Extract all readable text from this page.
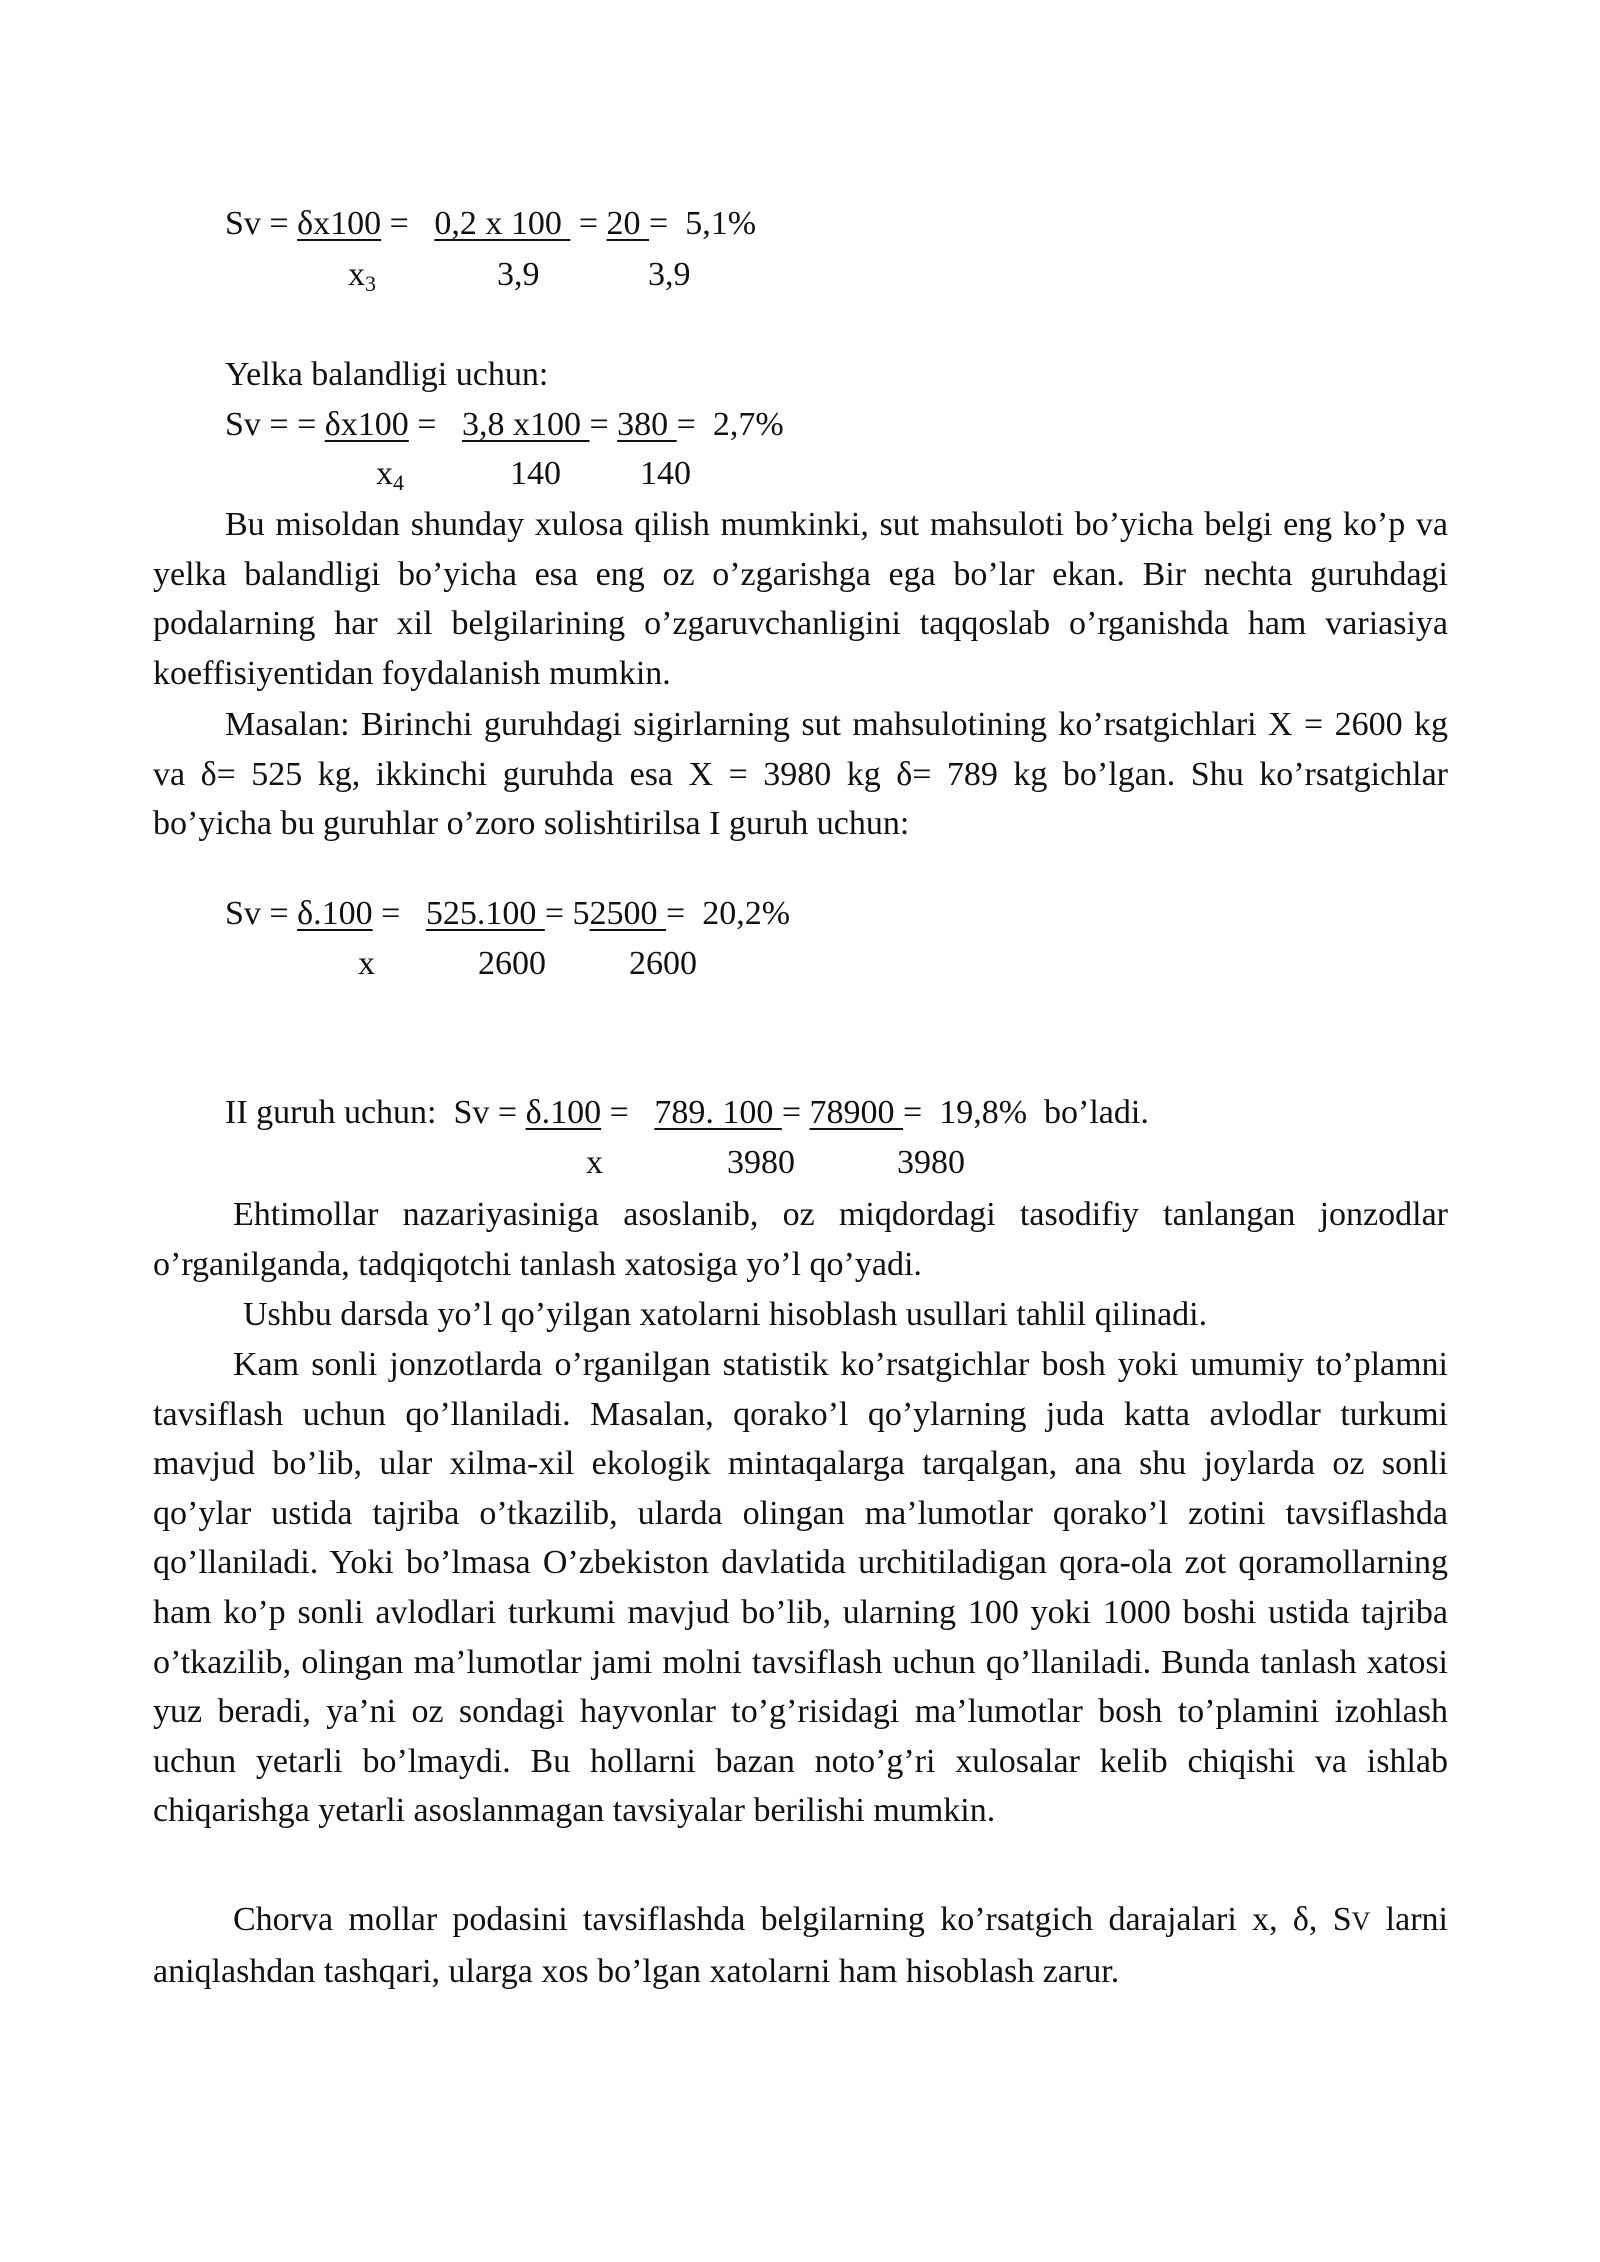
Sv = δx100 =   0,2 x 100  = 20 =  5,1%
$x_3$	3,9	3,9
Yelka balandligi uchun:
Sv = = δx100 =   3,8 x100 = 380 =  2,7%
$x_4$	140 140

Bu misoldan shunday xulosa qilish mumkinki, sut mahsuloti bo’yicha belgi eng ko’p va yelka balandligi bo’yicha esa eng oz o’zgarishga ega bo’lar ekan. Bir nechta guruhdagi podalarning har xil belgilarining o’zgaruvchanligini taqqoslab o’rganishda ham variasiya koeffisiyentidan foydalanish mumkin.

Masalan: Birinchi guruhdagi sigirlarning sut mahsulotining ko’rsatgichlari X = 2600 kg va δ= 525 kg, ikkinchi guruhda esa X = 3980 kg δ= 789 kg bo’lgan. Shu ko’rsatgichlar bo’yicha bu guruhlar o’zoro solishtirilsa I guruh uchun:

Sv = δ.100 =   525.100 = 52500 =  20,2%
x	2600 2600
II guruh uchun:  Sv = δ.100 =   789. 100 = 78900 =  19,8%  bo’ladi.
x	3980	3980

Ehtimollar nazariyasiniga asoslanib, oz miqdordagi tasodifiy tanlangan jonzodlar o’rganilganda, tadqiqotchi tanlash xatosiga yo’l qo’yadi.

Ushbu darsda yo’l qo’yilgan xatolarni hisoblash usullari tahlil qilinadi.

Kam sonli jonzotlarda o’rganilgan statistik ko’rsatgichlar bosh yoki umumiy to’plamni tavsiflash uchun qo’llaniladi. Masalan, qorako’l qo’ylarning juda katta avlodlar turkumi mavjud bo’lib, ular xilma-xil ekologik mintaqalarga tarqalgan, ana shu joylarda oz sonli qo’ylar ustida tajriba o’tkazilib, ularda olingan ma’lumotlar qorako’l zotini tavsiflashda qo’llaniladi. Yoki bo’lmasa O’zbekiston davlatida urchitiladigan qora-ola zot qoramollarning ham ko’p sonli avlodlari turkumi mavjud bo’lib, ularning 100 yoki 1000 boshi ustida tajriba o’tkazilib, olingan ma’lumotlar jami molni tavsiflash uchun qo’llaniladi. Bunda tanlash xatosi yuz beradi, ya’ni oz sondagi hayvonlar to’g’risidagi ma’lumotlar bosh to’plamini izohlash uchun yetarli bo’lmaydi. Bu hollarni bazan noto’g’ri xulosalar kelib chiqishi va ishlab chiqarishga yetarli asoslanmagan tavsiyalar berilishi mumkin.

Chorva mollar podasini tavsiflashda belgilarning ko’rsatgich darajalari x, δ, SV larni aniqlashdan tashqari, ularga xos bo’lgan xatolarni ham hisoblash zarur.
